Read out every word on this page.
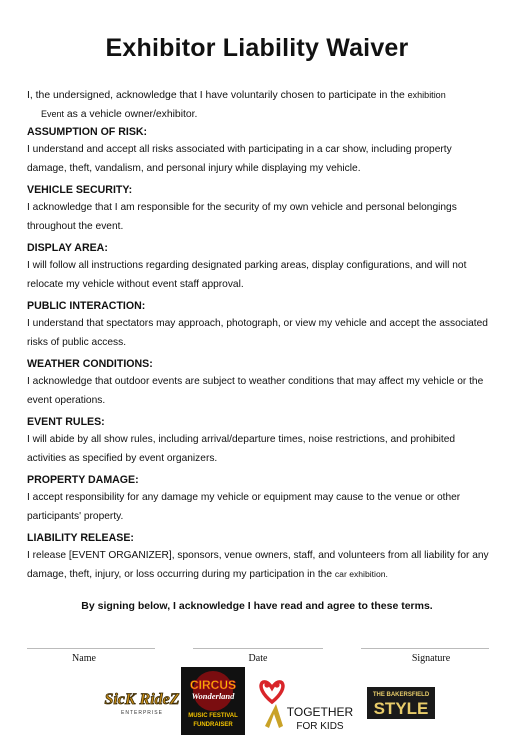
Exhibitor Liability Waiver
I, the undersigned, acknowledge that I have voluntarily chosen to participate in the exhibition
Event as a vehicle owner/exhibitor.
ASSUMPTION OF RISK:

I understand and accept all risks associated with participating in a car show, including property damage, theft, vandalism, and personal injury while displaying my vehicle.

VEHICLE SECURITY:

I acknowledge that I am responsible for the security of my own vehicle and personal belongings throughout the event.

DISPLAY AREA:

I will follow all instructions regarding designated parking areas, display configurations, and will not relocate my vehicle without event staff approval.

PUBLIC INTERACTION:

I understand that spectators may approach, photograph, or view my vehicle and accept the associated risks of public access.

WEATHER CONDITIONS:

I acknowledge that outdoor events are subject to weather conditions that may affect my vehicle or the event operations.

EVENT RULES:

I will abide by all show rules, including arrival/departure times, noise restrictions, and prohibited activities as specified by event organizers.

PROPERTY DAMAGE:

I accept responsibility for any damage my vehicle or equipment may cause to the venue or other participants' property.

LIABILITY RELEASE:

I release [EVENT ORGANIZER], sponsors, venue owners, staff, and volunteers from all liability for any damage, theft, injury, or loss occurring during my participation in the car exhibition.

By signing below, I acknowledge I have read and agree to these terms.
Name	Date	Signature
SicK RideZ
ENTERPRISE
CIRCUS
Wonderland
MUSIC FESTIVAL
FUNDRAISER
TOGETHER
FOR KIDS
THE BAKERSFIELD
STYLE
